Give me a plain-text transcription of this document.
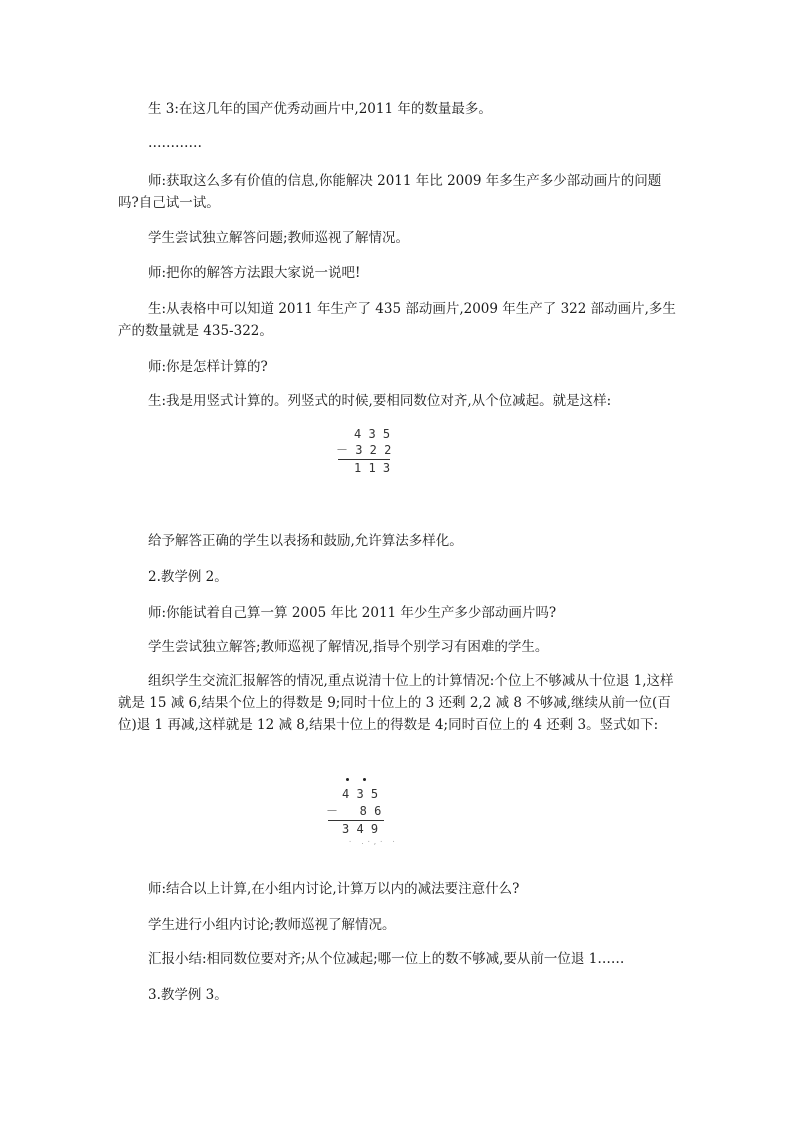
生 3:在这几年的国产优秀动画片中,2011 年的数量最多。

…………

师:获取这么多有价值的信息,你能解决 2011 年比 2009 年多生产多少部动画片的问题吗?自己试一试。

学生尝试独立解答问题;教师巡视了解情况。

师:把你的解答方法跟大家说一说吧!

生:从表格中可以知道 2011 年生产了 435 部动画片,2009 年生产了 322 部动画片,多生产的数量就是 435-322。

师:你是怎样计算的?

生:我是用竖式计算的。列竖式的时候,要相同数位对齐,从个位减起。就是这样:

4 3 5
－ 3 2 2
1 1 3

给予解答正确的学生以表扬和鼓励,允许算法多样化。

2.教学例 2。

师:你能试着自己算一算 2005 年比 2011 年少生产多少部动画片吗?

学生尝试独立解答;教师巡视了解情况,指导个别学习有困难的学生。

组织学生交流汇报解答的情况,重点说清十位上的计算情况:个位上不够减从十位退 1,这样就是 15 减 6,结果个位上的得数是 9;同时十位上的 3 还剩 2,2 减 8 不够减,继续从前一位(百位)退 1 再减,这样就是 12 减 8,结果十位上的得数是 4;同时百位上的 4 还剩 3。竖式如下:

4 3 5
－   8 6
3 4 9
· .·,· ·

师:结合以上计算,在小组内讨论,计算万以内的减法要注意什么?

学生进行小组内讨论;教师巡视了解情况。

汇报小结:相同数位要对齐;从个位减起;哪一位上的数不够减,要从前一位退 1……

3.教学例 3。
